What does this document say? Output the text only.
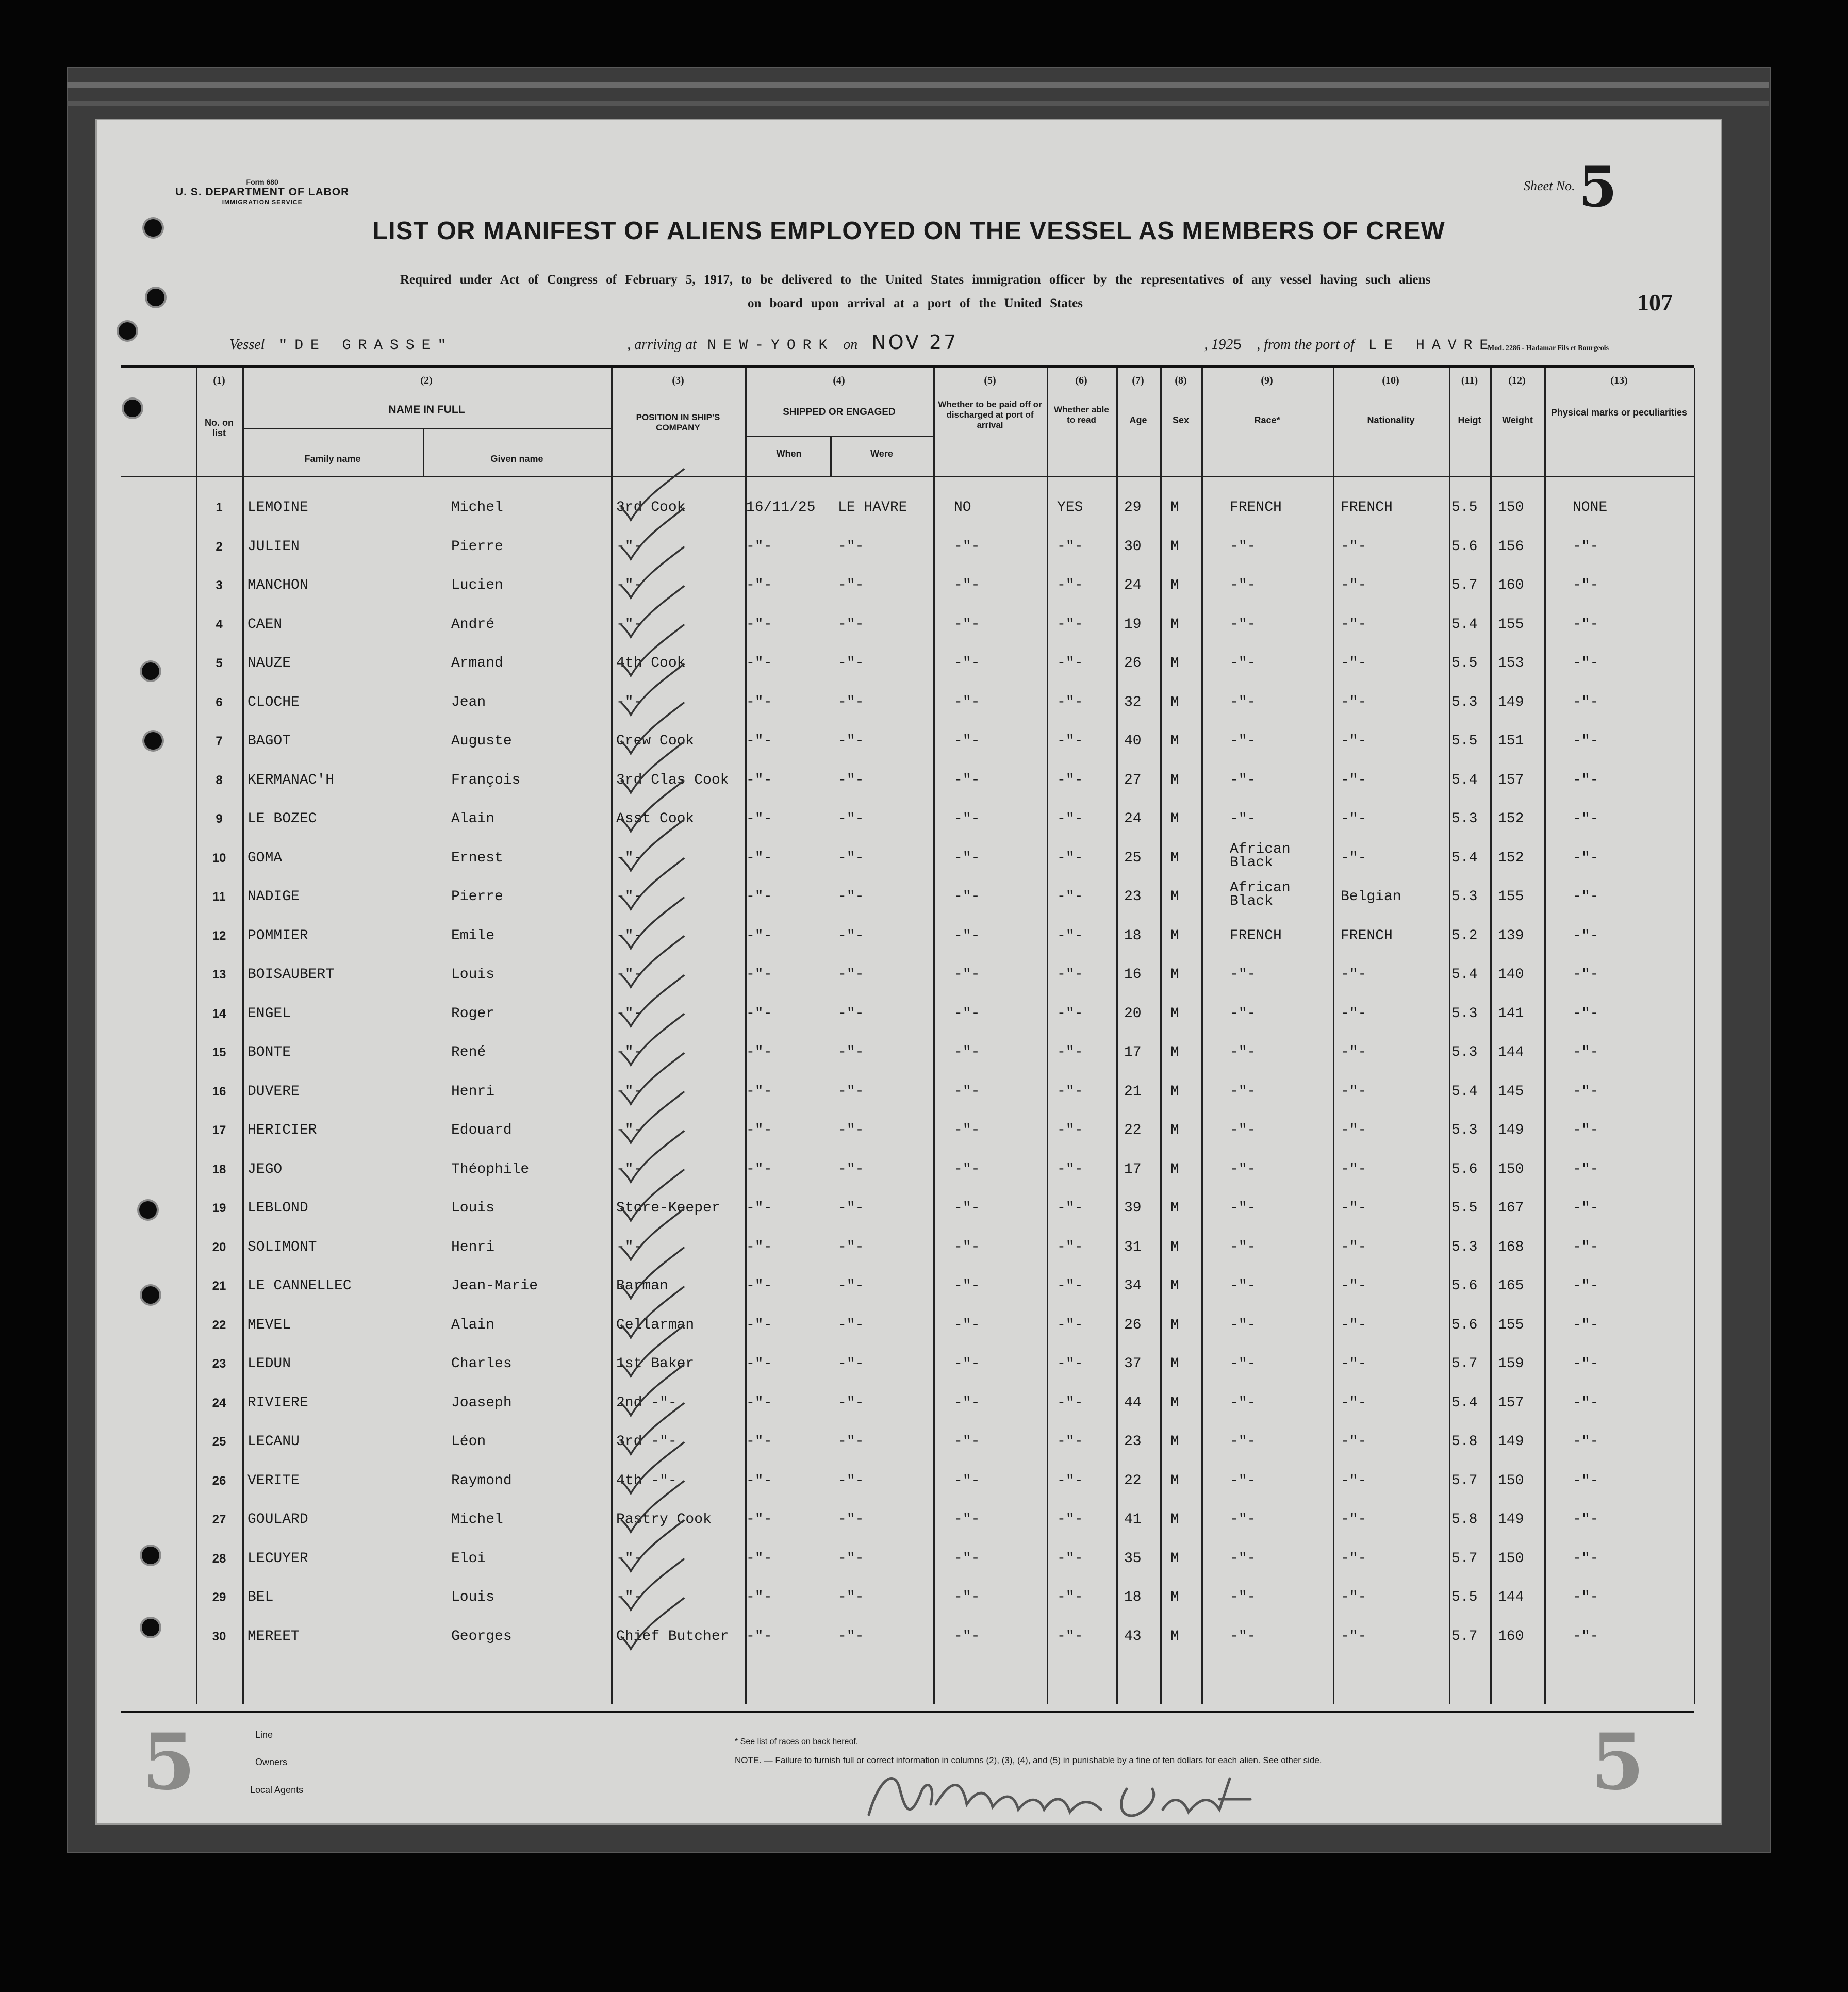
Form 680
U. S. DEPARTMENT OF LABOR
IMMIGRATION SERVICE
Sheet No. 5
LIST OR MANIFEST OF ALIENS EMPLOYED ON THE VESSEL AS MEMBERS OF CREW
Required under Act of Congress of February 5, 1917, to be delivered to the United States immigration officer by the representatives of any vessel having such aliens
on board upon arrival at a port of the United States	107
Vessel "DE GRASSE"	, arriving at NEW-YORK on NOV 27	, 1925 , from the port of LE HAVRE
Mod. 2286 - Hadamar Fils et Bourgeois
(1)	(2)	(3)	(4)	(5)	(6)	(7)	(8)	(9)	(10)	(11)	(12)	(13)
No. on list
NAME IN FULL
Family name	Given name
POSITION IN SHIP'S COMPANY
SHIPPED OR ENGAGED
When	Were
Whether to be paid off or discharged at port of arrival
Whether able to read	Age	Sex	Race*	Nationality	Heigt	Weight
Physical marks or peculiarities
1	LEMOINE	Michel	3rd Cook	16/11/25 LE HAVRE	NO	YES	29 M	FRENCH	FRENCH	5.5 150	NONE
2	JULIEN	Pierre	-"-	-"-	-"-	-"-	-"-	30 M	-"-	-"-	5.6 156	-"-
3	MANCHON	Lucien	-"-	-"-	-"-	-"-	-"-	24 M	-"-	-"-	5.7 160	-"-
4	CAEN	André	-"-	-"-	-"-	-"-	-"-	19 M	-"-	-"-	5.4 155	-"-
5	NAUZE	Armand	4th Cook	-"-	-"-	-"-	-"-	26 M	-"-	-"-	5.5 153	-"-
6	CLOCHE	Jean	-"-	-"-	-"-	-"-	-"-	32 M	-"-	-"-	5.3 149	-"-
7	BAGOT	Auguste	Crew Cook	-"-	-"-	-"-	-"-	40 M	-"-	-"-	5.5 151	-"-
8	KERMANAC'H	François	3rd Clas Cook -"-	-"-	-"-	-"-	27 M	-"-	-"-	5.4 157	-"-
9	LE BOZEC	Alain	Asst Cook	-"-	-"-	-"-	-"-	24 M	-"-	-"-	5.3 152	-"-
10	GOMA	Ernest	-"-	-"-	-"-	-"-	-"-	25 M
African Black	-"-	5.4 152	-"-
11	NADIGE	Pierre	-"-	-"-	-"-	-"-	-"-	23 M
African Black	Belgian	5.3 155	-"-
12	POMMIER	Emile	-"-	-"-	-"-	-"-	-"-	18 M	FRENCH	FRENCH	5.2 139	-"-
13	BOISAUBERT	Louis	-"-	-"-	-"-	-"-	-"-	16 M	-"-	-"-	5.4 140	-"-
14	ENGEL	Roger	-"-	-"-	-"-	-"-	-"-	20 M	-"-	-"-	5.3 141	-"-
15	BONTE	René	-"-	-"-	-"-	-"-	-"-	17 M	-"-	-"-	5.3 144	-"-
16	DUVERE	Henri	-"-	-"-	-"-	-"-	-"-	21 M	-"-	-"-	5.4 145	-"-
17	HERICIER	Edouard	-"-	-"-	-"-	-"-	-"-	22 M	-"-	-"-	5.3 149	-"-
18	JEGO	Théophile	-"-	-"-	-"-	-"-	-"-	17 M	-"-	-"-	5.6 150	-"-
19	LEBLOND	Louis	Store-Keeper -"-	-"-	-"-	-"-	39 M	-"-	-"-	5.5 167	-"-
20	SOLIMONT	Henri	-"-	-"-	-"-	-"-	-"-	31 M	-"-	-"-	5.3 168	-"-
21	LE CANNELLEC	Jean-Marie	Barman	-"-	-"-	-"-	-"-	34 M	-"-	-"-	5.6 165	-"-
22	MEVEL	Alain	Cellarman	-"-	-"-	-"-	-"-	26 M	-"-	-"-	5.6 155	-"-
23	LEDUN	Charles	1st Baker	-"-	-"-	-"-	-"-	37 M	-"-	-"-	5.7 159	-"-
24	RIVIERE	Joaseph	2nd -"-	-"-	-"-	-"-	-"-	44 M	-"-	-"-	5.4 157	-"-
25	LECANU	Léon	3rd -"-	-"-	-"-	-"-	-"-	23 M	-"-	-"-	5.8 149	-"-
26	VERITE	Raymond	4th -"-	-"-	-"-	-"-	-"-	22 M	-"-	-"-	5.7 150	-"-
27	GOULARD	Michel	Pastry Cook -"-	-"-	-"-	-"-	41 M	-"-	-"-	5.8 149	-"-
28	LECUYER	Eloi	-"-	-"-	-"-	-"-	-"-	35 M	-"-	-"-	5.7 150	-"-
29	BEL	Louis	-"-	-"-	-"-	-"-	-"-	18 M	-"-	-"-	5.5 144	-"-
30	MEREET	Georges	Chief Butcher -"-	-"-	-"-	-"-	43 M	-"-	-"-	5.7 160	-"-
5	5
Line
Owners
Local Agents
* See list of races on back hereof.
NOTE. — Failure to furnish full or correct information in columns (2), (3), (4), and (5) in punishable by a fine of ten dollars for each alien. See other side.
